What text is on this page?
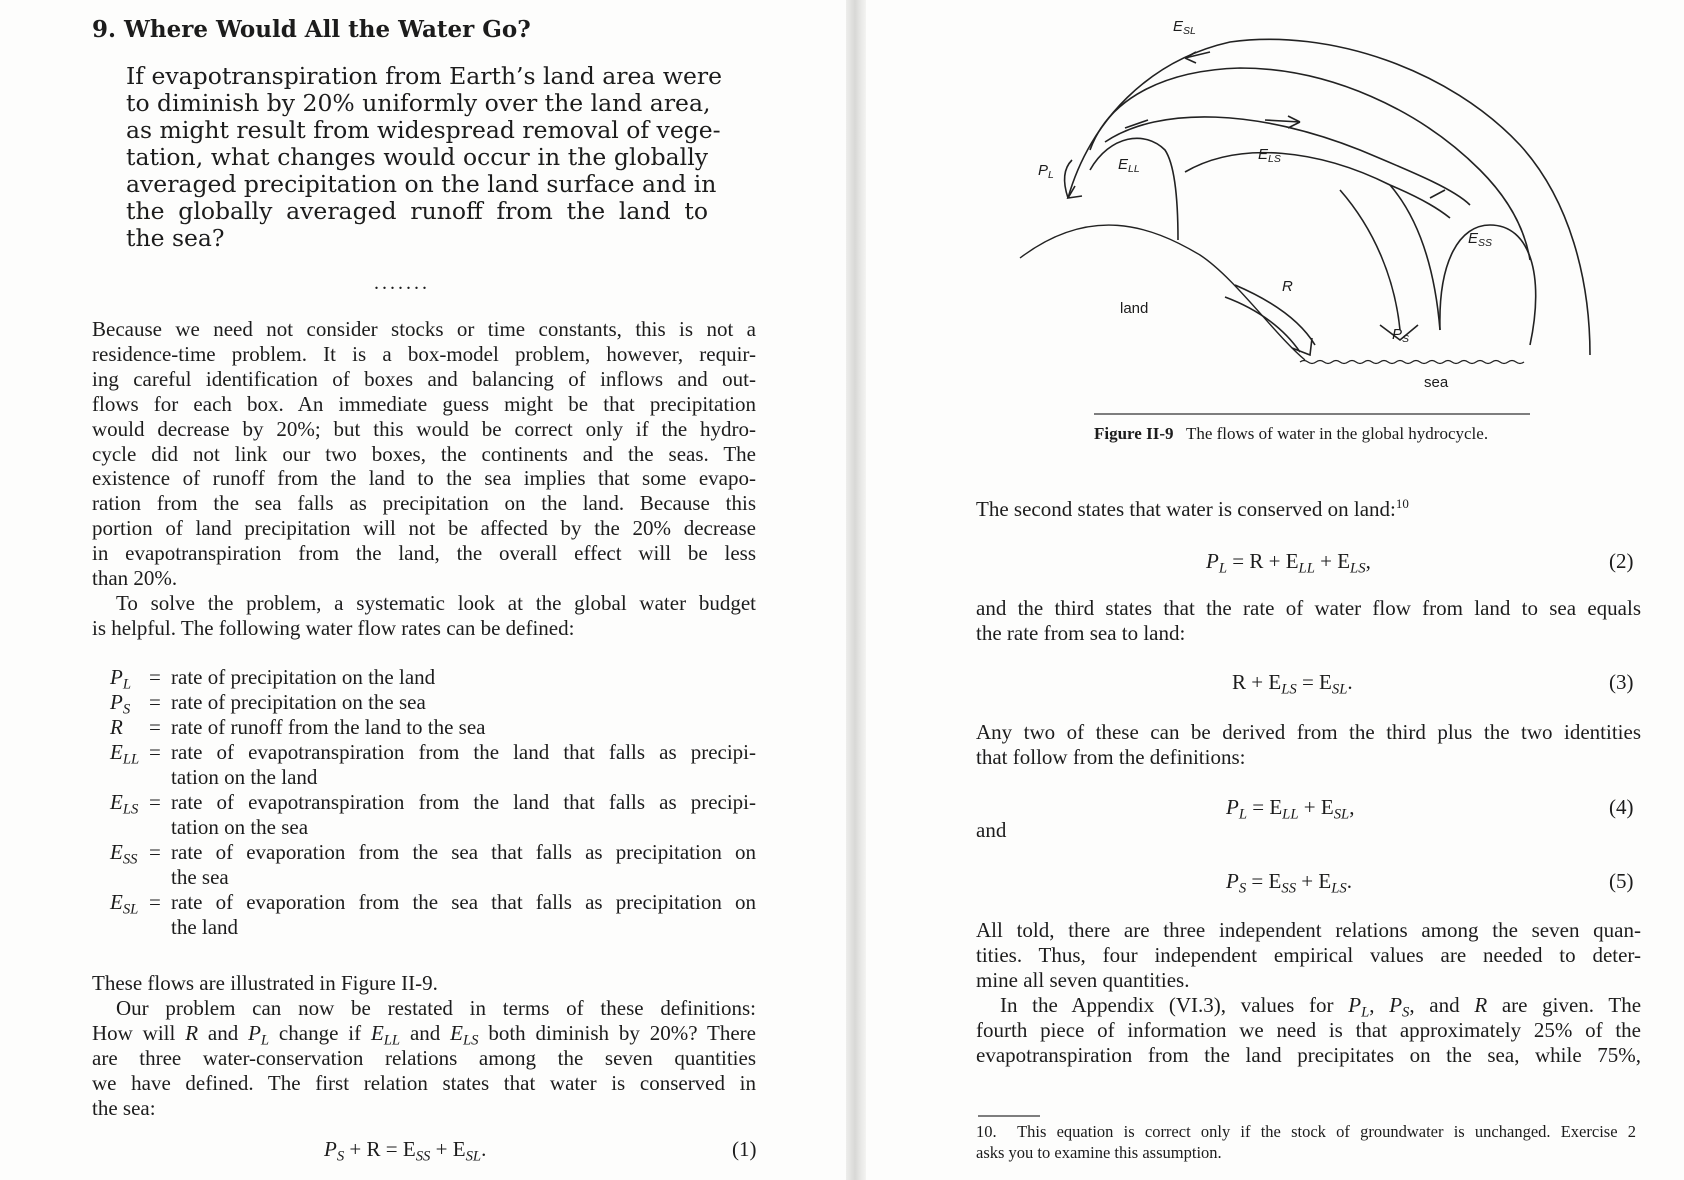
9. Where Would All the Water Go?
If evapotranspiration from Earth’s land area were
to diminish by 20% uniformly over the land area,
as might result from widespread removal of vege-
tation, what changes would occur in the globally
averaged precipitation on the land surface and in
the globally averaged runoff from the land to
the sea?
.......
Because we need not consider stocks or time constants, this is not a
residence-time problem. It is a box-model problem, however, requir-
ing careful identification of boxes and balancing of inflows and out-
flows for each box. An immediate guess might be that precipitation
would decrease by 20%; but this would be correct only if the hydro-
cycle did not link our two boxes, the continents and the seas. The
existence of runoff from the land to the sea implies that some evapo-
ration from the sea falls as precipitation on the land. Because this
portion of land precipitation will not be affected by the 20% decrease
in evapotranspiration from the land, the overall effect will be less
than 20%.
To solve the problem, a systematic look at the global water budget
is helpful. The following water flow rates can be defined:
$P_L$ = rate of precipitation on the land
$P_S$ = rate of precipitation on the sea
R = rate of runoff from the land to the sea
$E_{LL}$ = rate of evapotranspiration from the land that falls as precipi-
tation on the land
$E_{LS}$ = rate of evapotranspiration from the land that falls as precipi-
tation on the sea
$E_{SS}$ = rate of evaporation from the sea that falls as precipitation on
the sea
$E_{SL}$ = rate of evaporation from the sea that falls as precipitation on
the land
These flows are illustrated in Figure II-9.
Our problem can now be restated in terms of these definitions:
How will R and $P_L$ change if $E_{LL}$ and $E_{LS}$ both diminish by 20%? There
are three water-conservation relations among the seven quantities
we have defined. The first relation states that water is conserved in
the sea:
$P_S + R = E_{SS} + E_{SL}$.	(1)
$E_{SL}$
$P_L$
$E_{LL}$
$E_{LS}$
$E_{SS}$
R
$P_S$
land
sea
Figure II-9 The flows of water in the global hydrocycle.
The second states that water is conserved on land:$^{10}$
$P_L = R + E_{LL} + E_{LS}$,	(2)
and the third states that the rate of water flow from land to sea equals
the rate from sea to land:
$R + E_{LS} = E_{SL}$.	(3)
Any two of these can be derived from the third plus the two identities
that follow from the definitions:
$P_L = E_{LL} + E_{SL}$,	(4)
and
$P_S = E_{SS} + E_{LS}$.	(5)
All told, there are three independent relations among the seven quan-
tities. Thus, four independent empirical values are needed to deter-
mine all seven quantities.
In the Appendix (VI.3), values for $P_L$, $P_S$, and R are given. The
fourth piece of information we need is that approximately 25% of the
evapotranspiration from the land precipitates on the sea, while 75%,
10. This equation is correct only if the stock of groundwater is unchanged. Exercise 2
asks you to examine this assumption.
